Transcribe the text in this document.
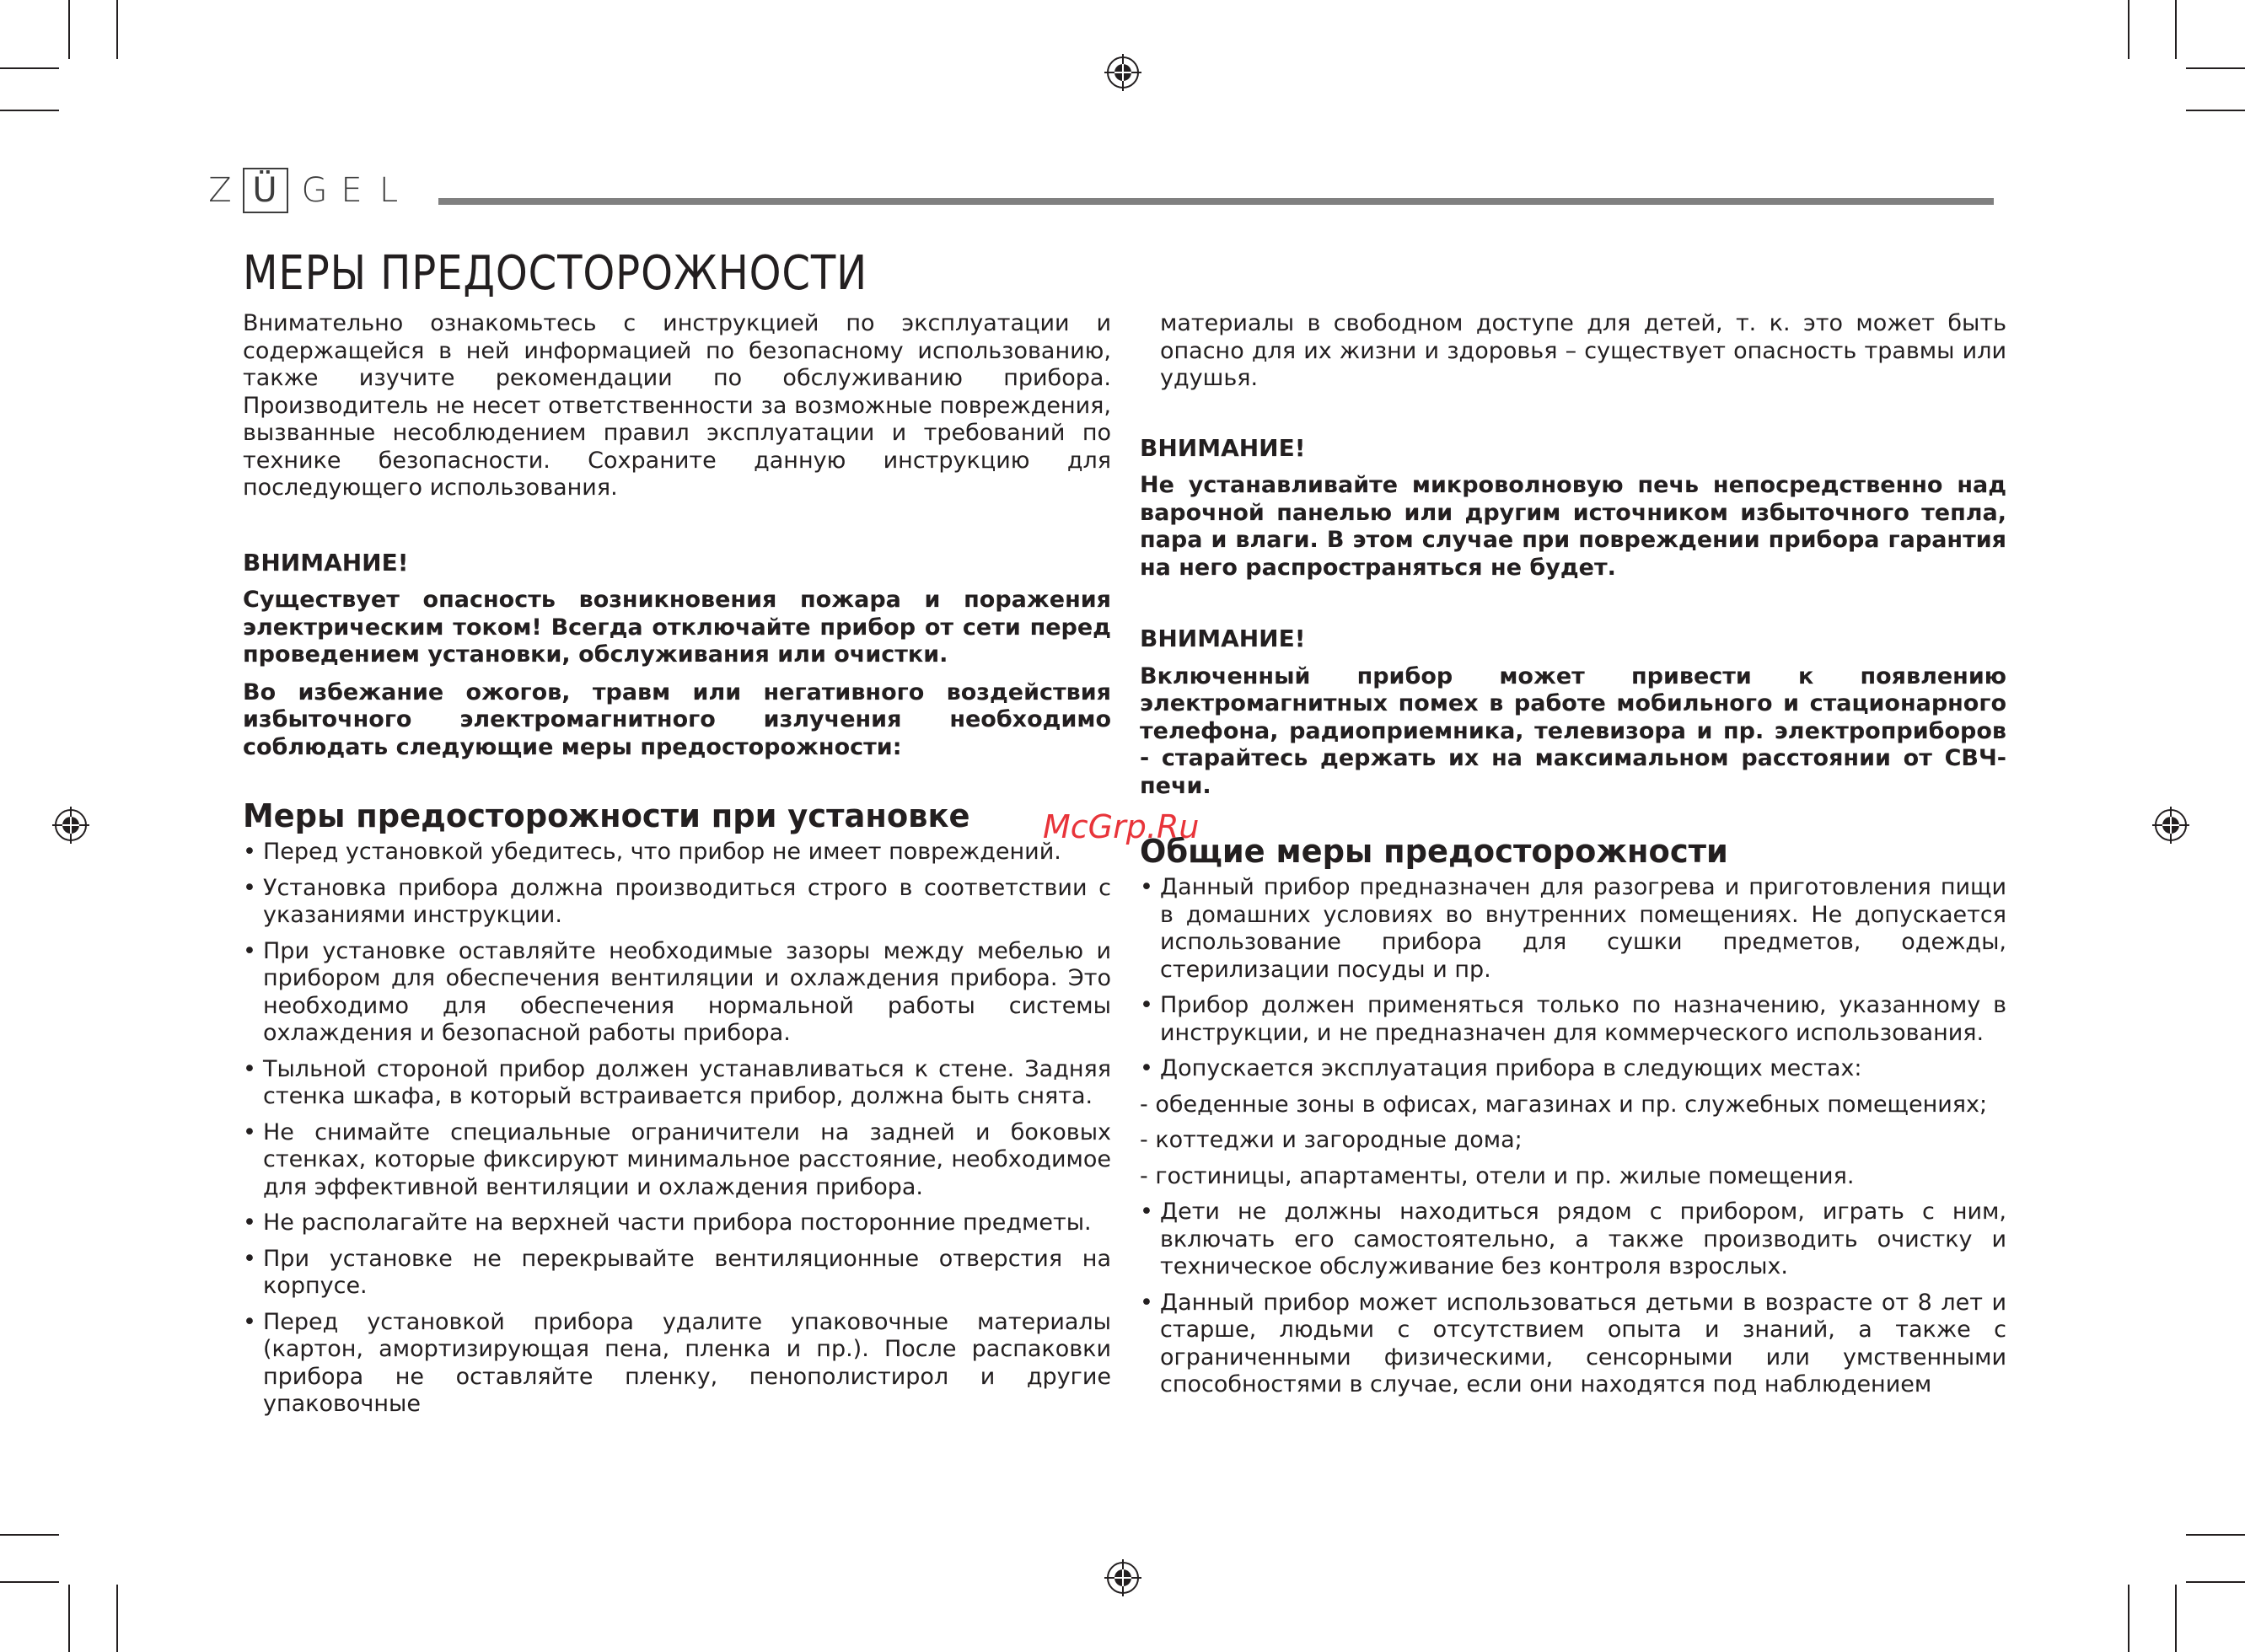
Z Ü G E L
МЕРЫ ПРЕДОСТОРОЖНОСТИ

Внимательно ознакомьтесь с инструкцией по эксплуатации и содержащейся в ней информацией по безопасному использованию, также изучите рекомендации по обслуживанию прибора. Производитель не несет ответственности за возможные повреждения, вызванные несоблюдением правил эксплуатации и требований по технике безопасности. Сохраните данную инструкцию для последующего использования.

ВНИМАНИЕ!

Существует опасность возникновения пожара и поражения электрическим током! Всегда отключайте прибор от сети перед проведением установки, обслуживания или очистки.

Во избежание ожогов, травм или негативного воздействия избыточного электромагнитного излучения необходимо соблюдать следующие меры предосторожности:

Меры предосторожности при установке
• Перед установкой убедитесь, что прибор не имеет повреждений.
• Установка прибора должна производиться строго в соответствии с указаниями инструкции.
• При установке оставляйте необходимые зазоры между мебелью и прибором для обеспечения вентиляции и охлаждения прибора. Это необходимо для обеспечения нормальной работы системы охлаждения и безопасной работы прибора.
• Тыльной стороной прибор должен устанавливаться к стене. Задняя стенка шкафа, в который встраивается прибор, должна быть снята.
• Не снимайте специальные ограничители на задней и боковых стенках, которые фиксируют минимальное расстояние, необходимое для эффективной вентиляции и охлаждения прибора.
• Не располагайте на верхней части прибора посторонние предметы.
• При установке не перекрывайте вентиляционные отверстия на корпусе.
• Перед установкой прибора удалите упаковочные материалы (картон, амортизирующая пена, пленка и пр.). После распаковки прибора не оставляйте пленку, пенополистирол и другие упаковочные

материалы в свободном доступе для детей, т. к. это может быть опасно для их жизни и здоровья – существует опасность травмы или удушья.

ВНИМАНИЕ!

Не устанавливайте микроволновую печь непосредственно над варочной панелью или другим источником избыточного тепла, пара и влаги. В этом случае при повреждении прибора гарантия на него распространяться не будет.

ВНИМАНИЕ!

Включенный прибор может привести к появлению электромагнитных помех в работе мобильного и стационарного телефона, радиоприемника, телевизора и пр. электроприборов - старайтесь держать их на максимальном расстоянии от СВЧ-печи.

Общие меры предосторожности
• Данный прибор предназначен для разогрева и приготовления пищи в домашних условиях во внутренних помещениях. Не допускается использование прибора для сушки предметов, одежды, стерилизации посуды и пр.
• Прибор должен применяться только по назначению, указанному в инструкции, и не предназначен для коммерческого использования.
• Допускается эксплуатация прибора в следующих местах:

- обеденные зоны в офисах, магазинах и пр. служебных помещениях;

- коттеджи и загородные дома;

- гостиницы, апартаменты, отели и пр. жилые помещения.

• Дети не должны находиться рядом с прибором, играть с ним, включать его самостоятельно, а также производить очистку и техническое обслуживание без контроля взрослых.
• Данный прибор может использоваться детьми в возрасте от 8 лет и старше, людьми с отсутствием опыта и знаний, а также с ограниченными физическими, сенсорными или умственными способностями в случае, если они находятся под наблюдением
McGrp.Ru
